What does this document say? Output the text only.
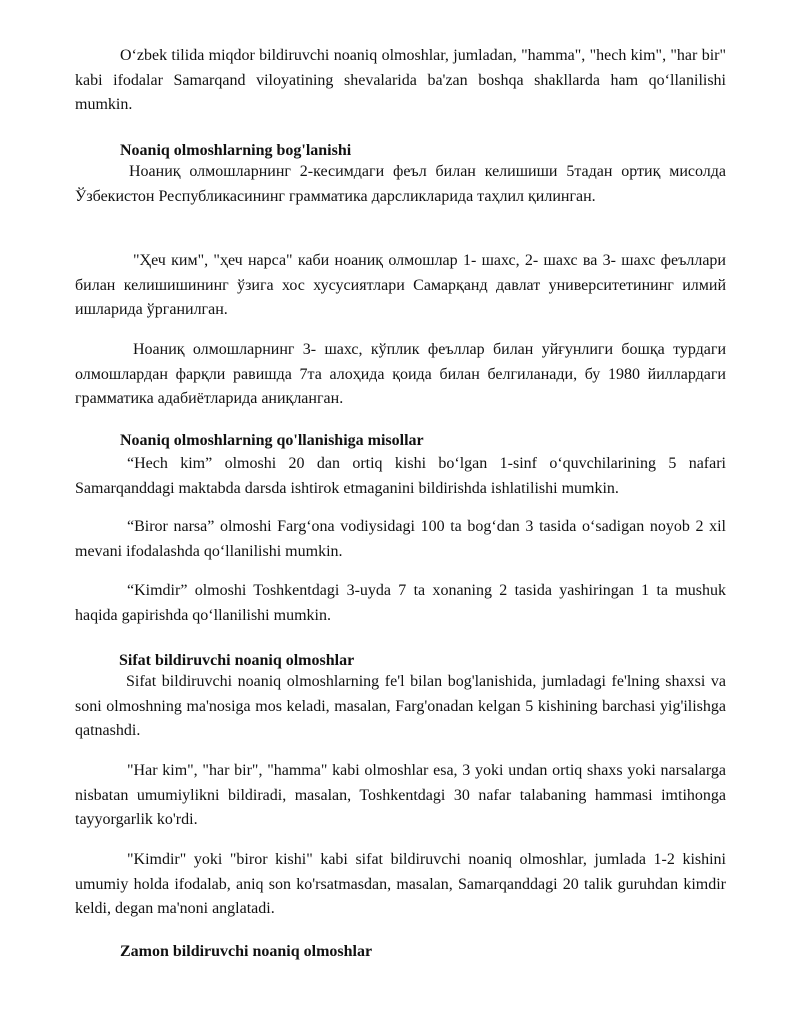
Oʻzbek tilida miqdor bildiruvchi noaniq olmoshlar, jumladan, "hamma", "hech kim", "har bir" kabi ifodalar Samarqand viloyatining shevalarida ba'zan boshqa shakllarda ham qoʻllanilishi mumkin.

Noaniq olmoshlarning bog'lanishi

Ноаниқ олмошларнинг 2-кесимдаги феъл билан келишиши 5тадан ортиқ мисолда Ўзбекистон Республикасининг грамматика дарсликларида таҳлил қилинган.

"Ҳеч ким", "ҳеч нарса" каби ноаниқ олмошлар 1- шахс, 2- шахс ва 3- шахс феъллари билан келишишининг ўзига хос хусусиятлари Самарқанд давлат университетининг илмий ишларида ўрганилган.

Ноаниқ олмошларнинг 3- шахс, кўплик феъллар билан уйғунлиги бошқа турдаги олмошлардан фарқли равишда 7та алоҳида қоида билан белгиланади, бу 1980 йиллардаги грамматика адабиётларида аниқланган.

Noaniq olmoshlarning qo'llanishiga misollar

“Hech kim” olmoshi 20 dan ortiq kishi boʻlgan 1-sinf oʻquvchilarining 5 nafari Samarqanddagi maktabda darsda ishtirok etmaganini bildirishda ishlatilishi mumkin.

“Biror narsa” olmoshi Fargʻona vodiysidagi 100 ta bogʻdan 3 tasida oʻsadigan noyob 2 xil mevani ifodalashda qoʻllanilishi mumkin.

“Kimdir” olmoshi Toshkentdagi 3-uyda 7 ta xonaning 2 tasida yashiringan 1 ta mushuk haqida gapirishda qoʻllanilishi mumkin.

Sifat bildiruvchi noaniq olmoshlar

Sifat bildiruvchi noaniq olmoshlarning fe'l bilan bog'lanishida, jumladagi fe'lning shaxsi va soni olmoshning ma'nosiga mos keladi, masalan, Farg'onadan kelgan 5 kishining barchasi yig'ilishga qatnashdi.

"Har kim", "har bir", "hamma" kabi olmoshlar esa, 3 yoki undan ortiq shaxs yoki narsalarga nisbatan umumiylikni bildiradi, masalan, Toshkentdagi 30 nafar talabaning hammasi imtihonga tayyorgarlik ko'rdi.

"Kimdir" yoki "biror kishi" kabi sifat bildiruvchi noaniq olmoshlar, jumlada 1-2 kishini umumiy holda ifodalab, aniq son ko'rsatmasdan, masalan, Samarqanddagi 20 talik guruhdan kimdir keldi, degan ma'noni anglatadi.

Zamon bildiruvchi noaniq olmoshlar
